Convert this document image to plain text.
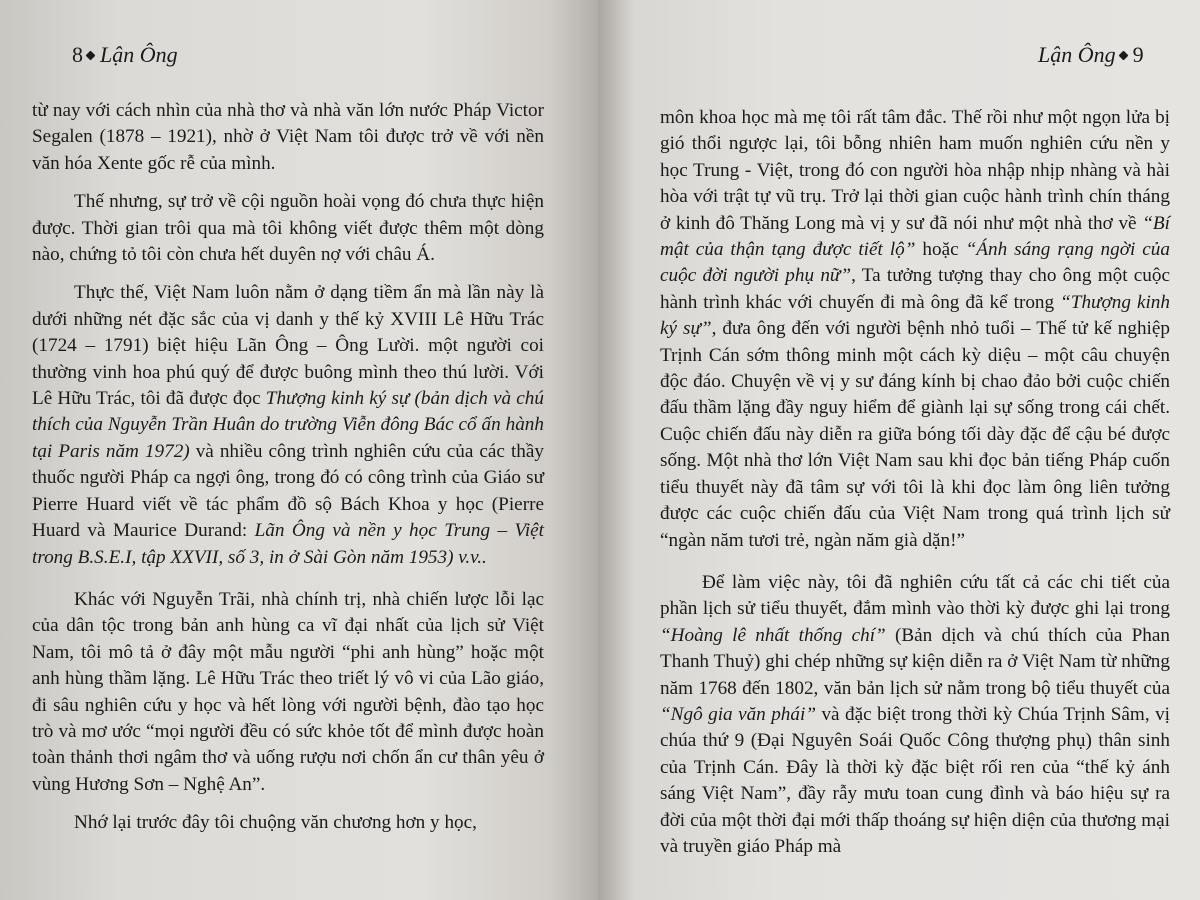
8 Lận Ông

từ nay với cách nhìn của nhà thơ và nhà văn lớn nước Pháp Victor Segalen (1878 – 1921), nhờ ở Việt Nam tôi được trở về với nền văn hóa Xente gốc rễ của mình.

Thế nhưng, sự trở về cội nguồn hoài vọng đó chưa thực hiện được. Thời gian trôi qua mà tôi không viết được thêm một dòng nào, chứng tỏ tôi còn chưa hết duyên nợ với châu Á.

Thực thế, Việt Nam luôn nằm ở dạng tiềm ẩn mà lần này là dưới những nét đặc sắc của vị danh y thế kỷ XVIII Lê Hữu Trác (1724 – 1791) biệt hiệu Lãn Ông – Ông Lười. một người coi thường vinh hoa phú quý để được buông mình theo thú lười. Với Lê Hữu Trác, tôi đã được đọc Thượng kinh ký sự (bản dịch và chú thích của Nguyễn Trần Huân do trường Viễn đông Bác cổ ấn hành tại Paris năm 1972) và nhiều công trình nghiên cứu của các thầy thuốc người Pháp ca ngợi ông, trong đó có công trình của Giáo sư Pierre Huard viết về tác phẩm đồ sộ Bách Khoa y học (Pierre Huard và Maurice Durand: Lãn Ông và nền y học Trung – Việt trong B.S.E.I, tập XXVII, số 3, in ở Sài Gòn năm 1953) v.v..

Khác với Nguyễn Trãi, nhà chính trị, nhà chiến lược lỗi lạc của dân tộc trong bản anh hùng ca vĩ đại nhất của lịch sử Việt Nam, tôi mô tả ở đây một mẫu người “phi anh hùng” hoặc một anh hùng thầm lặng. Lê Hữu Trác theo triết lý vô vi của Lão giáo, đi sâu nghiên cứu y học và hết lòng với người bệnh, đào tạo học trò và mơ ước “mọi người đều có sức khỏe tốt để mình được hoàn toàn thảnh thơi ngâm thơ và uống rượu nơi chốn ẩn cư thân yêu ở vùng Hương Sơn – Nghệ An”.

Nhớ lại trước đây tôi chuộng văn chương hơn y học,

Lận Ông 9

môn khoa học mà mẹ tôi rất tâm đắc. Thế rồi như một ngọn lửa bị gió thổi ngược lại, tôi bỗng nhiên ham muốn nghiên cứu nền y học Trung - Việt, trong đó con người hòa nhập nhịp nhàng và hài hòa với trật tự vũ trụ. Trở lại thời gian cuộc hành trình chín tháng ở kinh đô Thăng Long mà vị y sư đã nói như một nhà thơ về “Bí mật của thận tạng được tiết lộ” hoặc “Ánh sáng rạng ngời của cuộc đời người phụ nữ”, Ta tưởng tượng thay cho ông một cuộc hành trình khác với chuyến đi mà ông đã kể trong “Thượng kinh ký sự”, đưa ông đến với người bệnh nhỏ tuổi – Thế tử kế nghiệp Trịnh Cán sớm thông minh một cách kỳ diệu – một câu chuyện độc đáo. Chuyện về vị y sư đáng kính bị chao đảo bởi cuộc chiến đấu thầm lặng đầy nguy hiểm để giành lại sự sống trong cái chết. Cuộc chiến đấu này diễn ra giữa bóng tối dày đặc để cậu bé được sống. Một nhà thơ lớn Việt Nam sau khi đọc bản tiếng Pháp cuốn tiểu thuyết này đã tâm sự với tôi là khi đọc làm ông liên tưởng được các cuộc chiến đấu của Việt Nam trong quá trình lịch sử “ngàn năm tươi trẻ, ngàn năm già dặn!”

Để làm việc này, tôi đã nghiên cứu tất cả các chi tiết của phần lịch sử tiểu thuyết, đắm mình vào thời kỳ được ghi lại trong “Hoàng lê nhất thống chí” (Bản dịch và chú thích của Phan Thanh Thuỷ) ghi chép những sự kiện diễn ra ở Việt Nam từ những năm 1768 đến 1802, văn bản lịch sử nằm trong bộ tiểu thuyết của “Ngô gia văn phái” và đặc biệt trong thời kỳ Chúa Trịnh Sâm, vị chúa thứ 9 (Đại Nguyên Soái Quốc Công thượng phụ) thân sinh của Trịnh Cán. Đây là thời kỳ đặc biệt rối ren của “thế kỷ ánh sáng Việt Nam”, đầy rẫy mưu toan cung đình và báo hiệu sự ra đời của một thời đại mới thấp thoáng sự hiện diện của thương mại và truyền giáo Pháp mà
